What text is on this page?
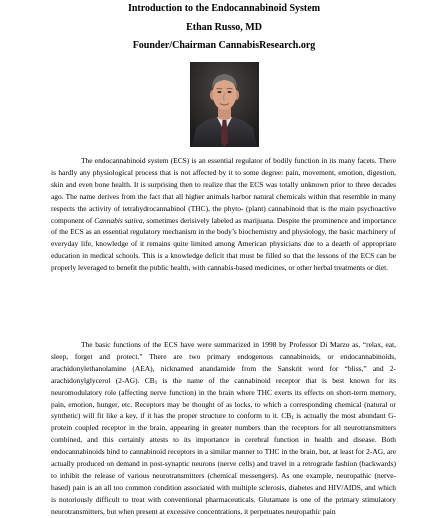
Introduction to the Endocannabinoid System

Ethan Russo, MD

Founder/Chairman CannabisResearch.org

The endocannabinoid system (ECS) is an essential regulator of bodily function in its many facets. There is hardly any physiological process that is not affected by it to some degree: pain, movement, emotion, digestion, skin and even bone health. It is surprising then to realize that the ECS was totally unknown prior to three decades ago. The name derives from the fact that all higher animals harbor natural chemicals within that resemble in many respects the activity of tetrahydrocannabinol (THC), the phyto- (plant) cannabinoid that is the main psychoactive component of Cannabis sativa, sometimes derisively labeled as marijuana. Despite the prominence and importance of the ECS as an essential regulatory mechanism in the body’s biochemistry and physiology, the basic machinery of everyday life, knowledge of it remains quite limited among American physicians due to a dearth of appropriate education in medical schools. This is a knowledge deficit that must be filled so that the lessons of the ECS can be properly leveraged to benefit the public health, with cannabis-based medicines, or other herbal treatments or diet.

The basic functions of the ECS have were summarized in 1998 by Professor Di Marzo as, “relax, eat, sleep, forget and protect.” There are two primary endogenous cannabinoids, or endocannabinoids, arachidonylethanolamine (AEA), nicknamed anandamide from the Sanskrit word for “bliss,” and 2-arachidonylglycerol (2-AG). $CB_1$ is the name of the cannabinoid receptor that is best known for its neuromodulatory role (affecting nerve function) in the brain where THC exerts its effects on short-term memory, pain, emotion, hunger, etc. Receptors may be thought of as locks, to which a corresponding chemical (natural or synthetic) will fit like a key, if it has the proper structure to conform to it. $CB_1$ is actually the most abundant G-protein coupled receptor in the brain, appearing in greater numbers than the receptors for all neurotransmitters combined, and this certainly attests to its importance in cerebral function in health and disease. Both endocannabinoids bind to cannabinoid receptors in a similar manner to THC in the brain, but, at least for 2-AG, are actually produced on demand in post-synaptic neurons (nerve cells) and travel in a retrograde fashion (backwards) to inhibit the release of various neurotransmitters (chemical messengers). As one example, neuropathic (nerve-based) pain is an all too common condition associated with multiple sclerosis, diabetes and HIV/AIDS, and which is notoriously difficult to treat with conventional pharmaceuticals. Glutamate is one of the primary stimulatory neurotransmitters, but when present at excessive concentrations, it perpetuates neuropathic pain
